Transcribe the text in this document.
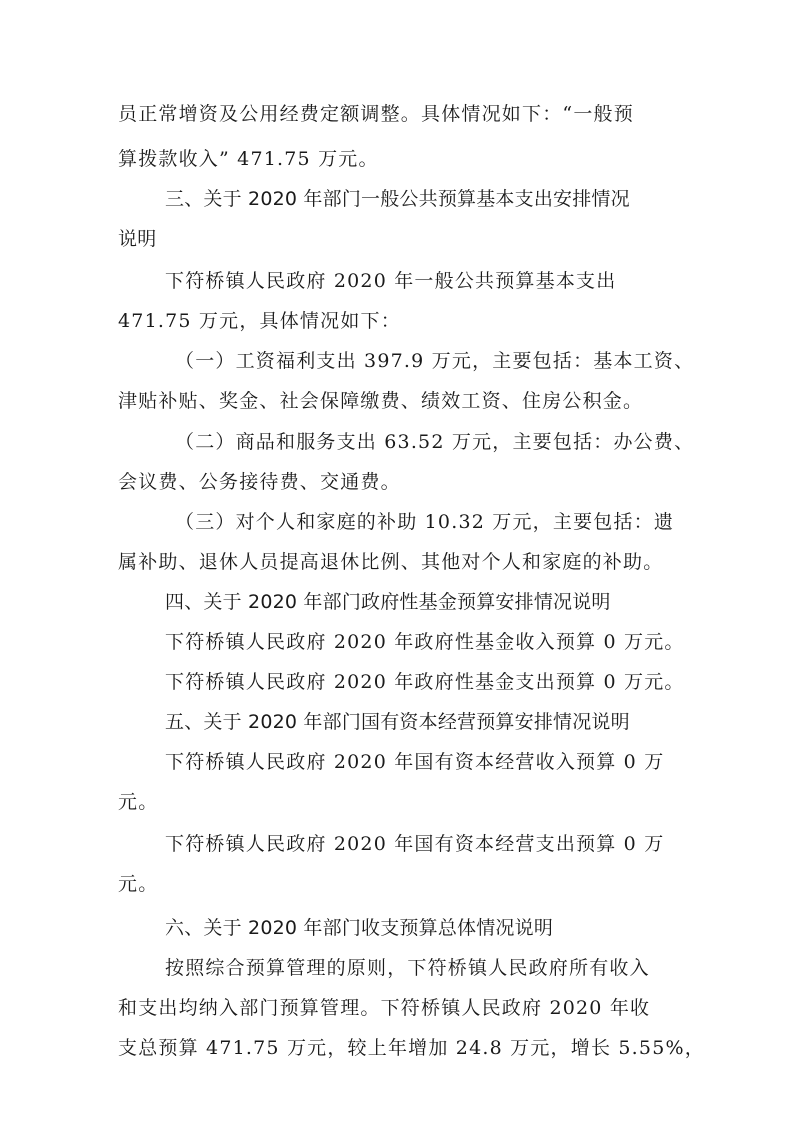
员正常增资及公用经费定额调整。具体情况如下：“一般预
算拨款收入” 471.75 万元。
三、关于 2020 年部门一般公共预算基本支出安排情况
说明
下符桥镇人民政府 2020 年一般公共预算基本支出
471.75 万元，具体情况如下：
（一）工资福利支出 397.9 万元，主要包括：基本工资、
津贴补贴、奖金、社会保障缴费、绩效工资、住房公积金。
（二）商品和服务支出 63.52 万元，主要包括：办公费、
会议费、公务接待费、交通费。
（三）对个人和家庭的补助 10.32 万元，主要包括：遗
属补助、退休人员提高退休比例、其他对个人和家庭的补助。
四、关于 2020 年部门政府性基金预算安排情况说明
下符桥镇人民政府 2020 年政府性基金收入预算 0 万元。
下符桥镇人民政府 2020 年政府性基金支出预算 0 万元。
五、关于 2020 年部门国有资本经营预算安排情况说明
下符桥镇人民政府 2020 年国有资本经营收入预算 0 万
元。
下符桥镇人民政府 2020 年国有资本经营支出预算 0 万
元。
六、关于 2020 年部门收支预算总体情况说明
按照综合预算管理的原则，下符桥镇人民政府所有收入
和支出均纳入部门预算管理。下符桥镇人民政府 2020 年收
支总预算 471.75 万元，较上年增加 24.8 万元，增长 5.55%，
